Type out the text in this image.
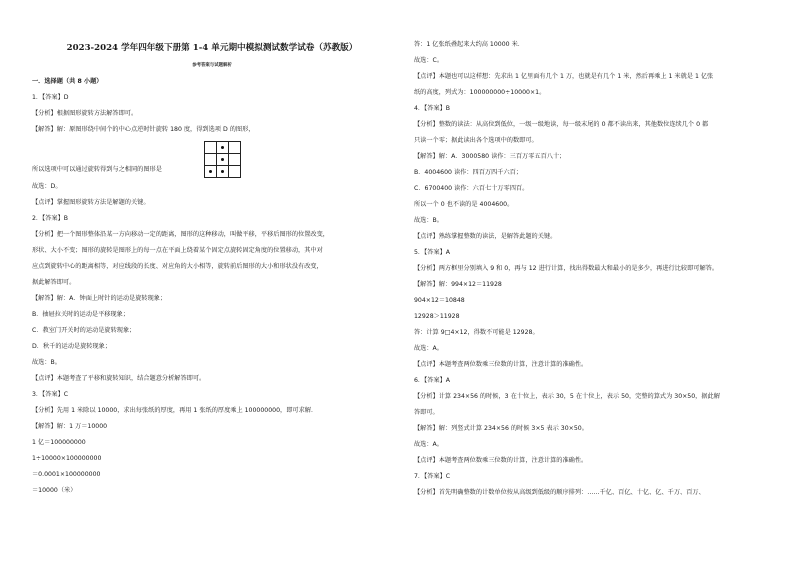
2023-2024 学年四年级下册第 1-4 单元期中模拟测试数学试卷（苏教版）
参考答案与试题解析
一．选择题（共 8 小题）
1．【答案】D
【分析】根据图形旋转方法解答即可。
【解答】解：原图形绕中间个的中心点逆时针旋转 180 度，得到选项 D 的图形，
所以选项中可以通过旋转得到与之相同的图形是
故选：D。
【点评】掌握图形旋转方法是解题的关键。
2．【答案】B
【分析】把一个图形整体沿某一方向移动一定的距离，图形的这种移动，叫做平移，平移后图形的位置改变，
形状、大小不变；图形的旋转是图形上的每一点在平面上绕着某个固定点旋转固定角度的位置移动，其中对
应点到旋转中心的距离相等，对应线段的长度、对应角的大小相等，旋转前后图形的大小和形状没有改变，
据此解答即可。
【解答】解：A．钟面上时针的运动是旋转现象；
B．抽屉拉关时的运动是平移现象；
C．教室门开关时的运动是旋转现象；
D．秋千的运动是旋转现象；
故选：B。
【点评】本题考查了平移和旋转知识，结合题意分析解答即可。
3．【答案】C
【分析】先用 1 米除以 10000，求出每张纸的厚度，再用 1 张纸的厚度乘上 100000000，即可求解．
【解答】解：1 万＝10000
1 亿＝100000000
1÷10000×100000000
＝0.0001×100000000
＝10000（米）
答：1 亿张纸叠起来大约高 10000 米．
故选：C。
【点评】本题也可以这样想：先求出 1 亿里面有几个 1 万，也就是有几个 1 米，然后再乘上 1 米就是 1 亿张
纸的高度，列式为：100000000÷10000×1。
4．【答案】B
【分析】整数的读法：从高位到低位，一级一级地读，每一级末尾的 0 都不读出来，其他数位连续几个 0 都
只读一个零；据此读出各个选项中的数即可。
【解答】解：A．3000580 读作：三百万零五百八十；
B．4004600 读作：四百万四千六百；
C．6700400 读作：六百七十万零四百。
所以一个 0 也不读的是 4004600。
故选：B。
【点评】熟练掌握整数的读法，是解答此题的关键。
5．【答案】A
【分析】两方框里分别填入 9 和 0，再与 12 进行计算，找出得数最大和最小的是多少，再进行比较即可解答。
【解答】解：994×12＝11928
904×12＝10848
12928＞11928
答：计算 9□4×12，得数不可能是 12928。
故选：A。
【点评】本题考查两位数乘三位数的计算，注意计算的准确性。
6．【答案】A
【分析】计算 234×56 的时候，3 在十位上，表示 30，5 在十位上，表示 50，完整的算式为 30×50，据此解
答即可。
【解答】解：列竖式计算 234×56 的时候 3×5 表示 30×50。
故选：A。
【点评】本题考查两位数乘三位数的计算，注意计算的准确性。
7．【答案】C
【分析】首先明确整数的计数单位按从高级到低级的顺序排列：……千亿、百亿、十亿、亿、千万、百万、
